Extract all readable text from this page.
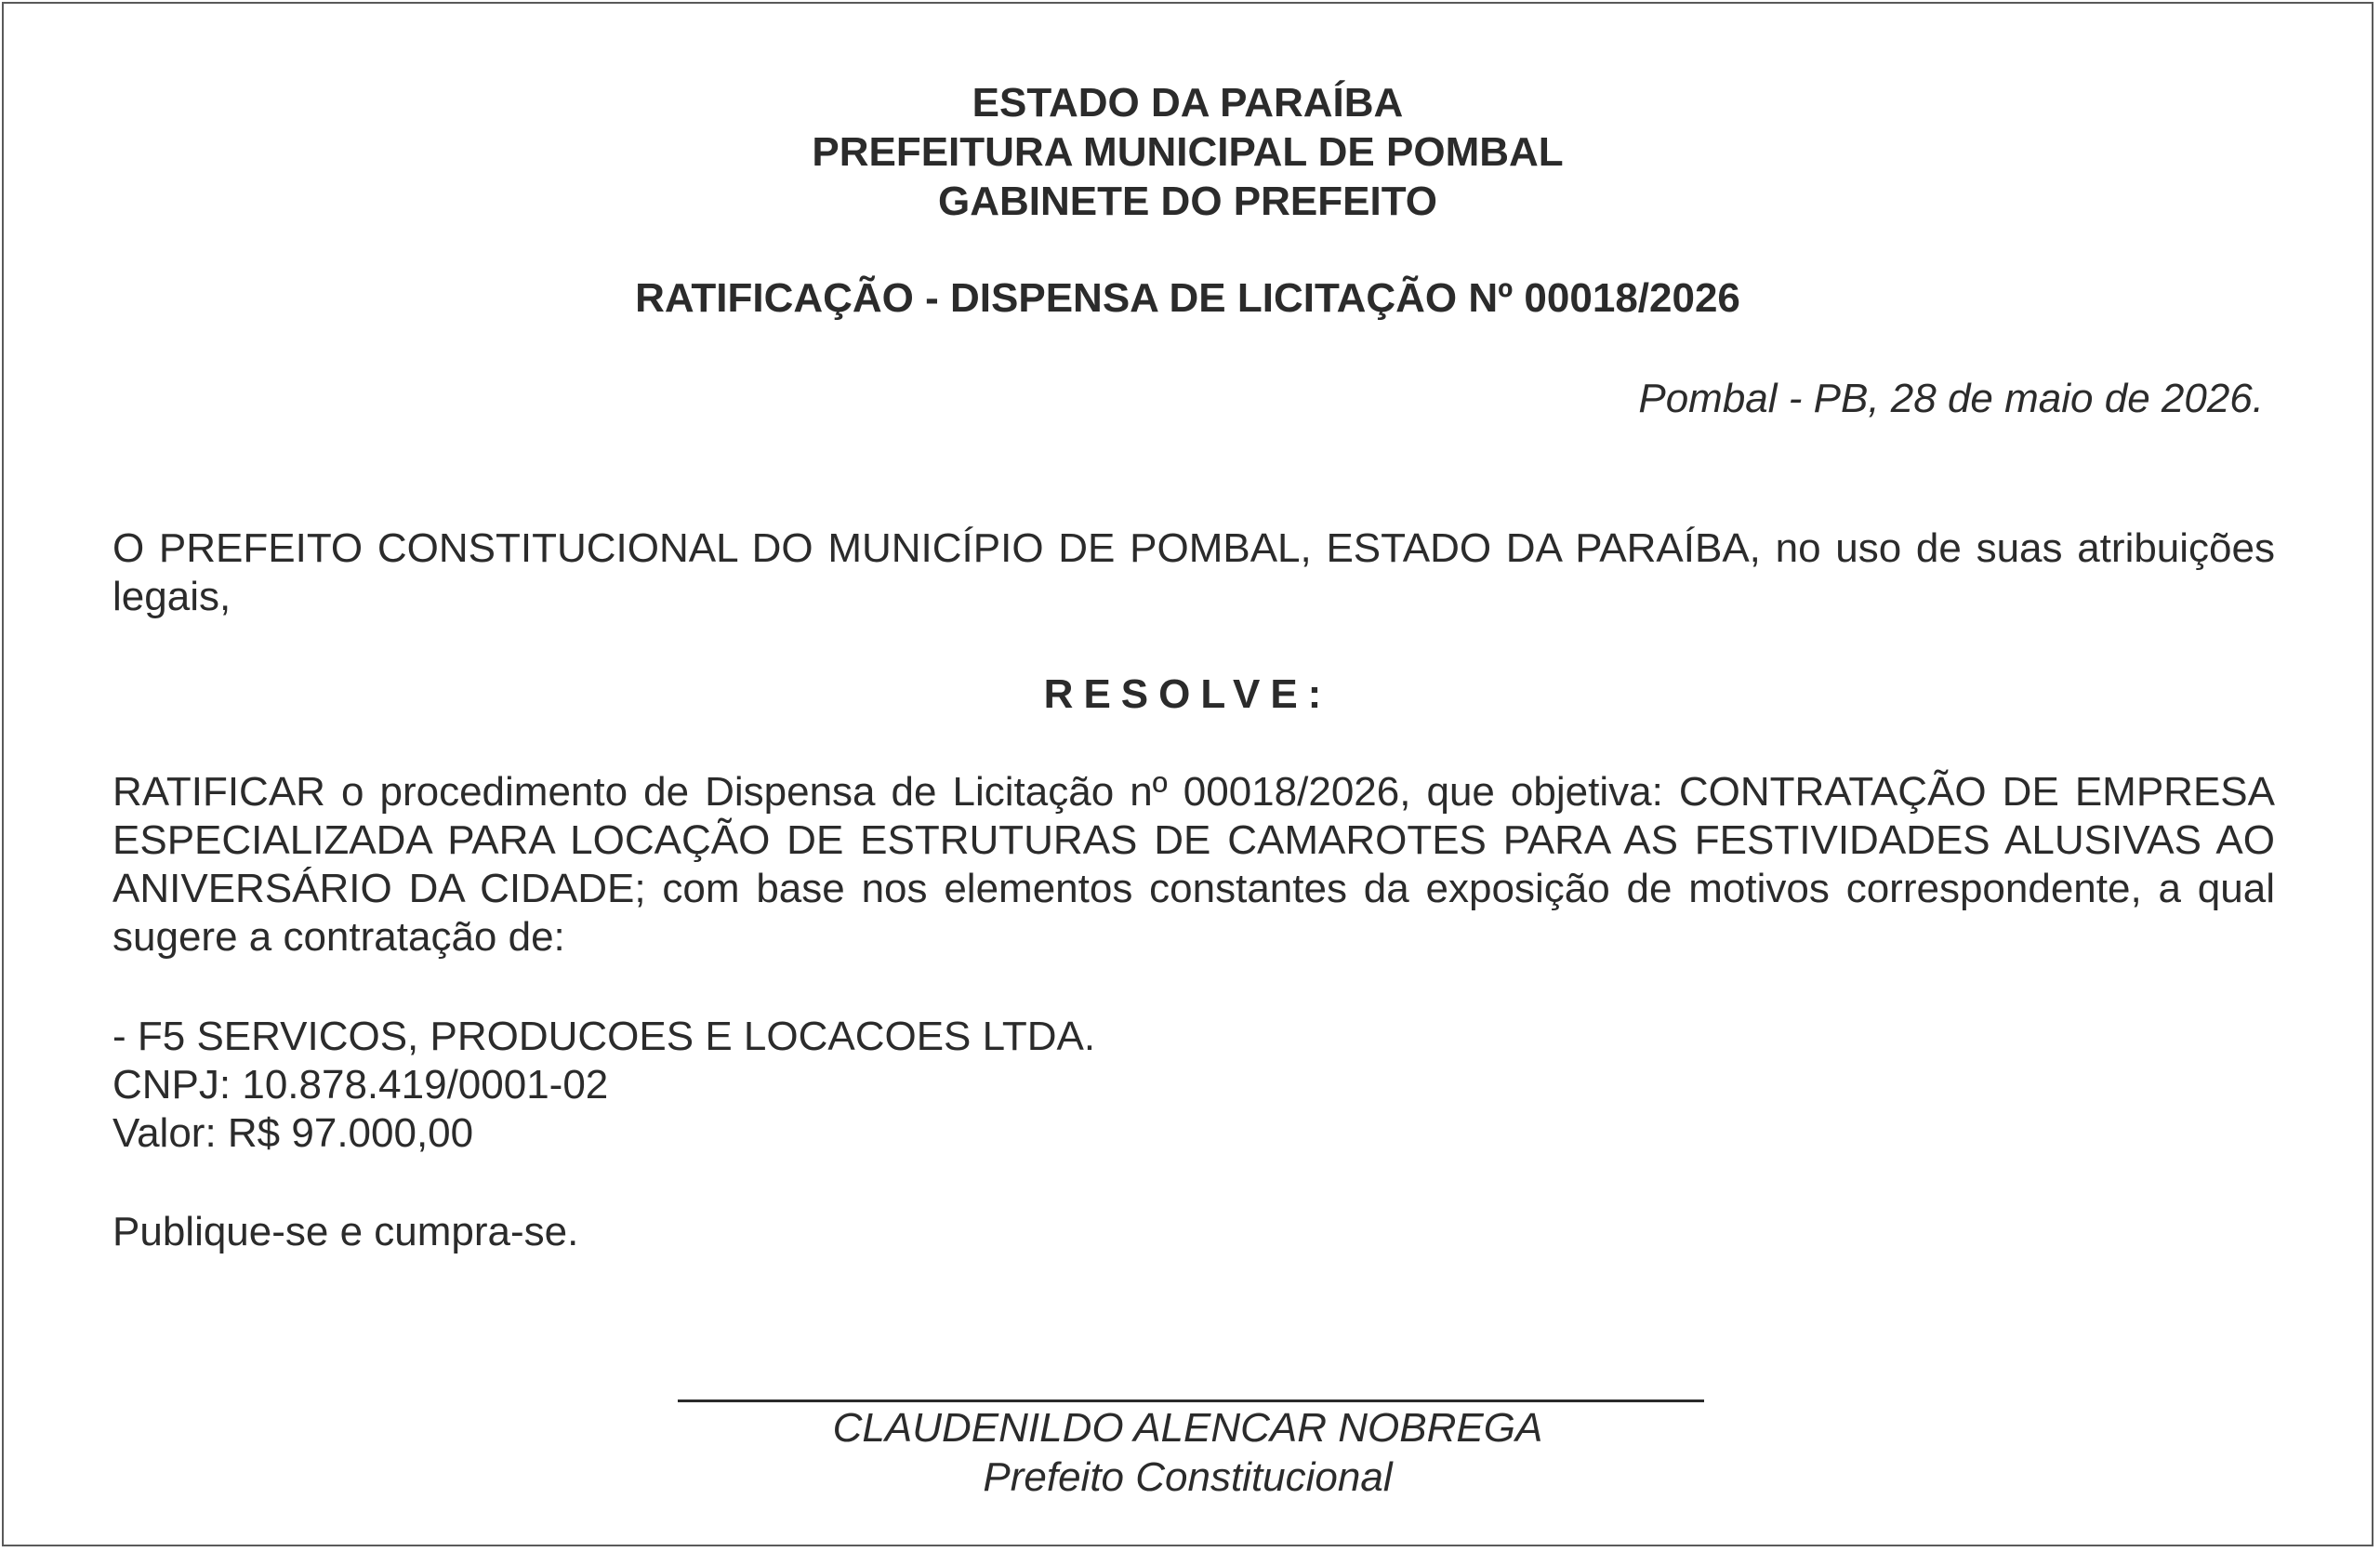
ESTADO DA PARAÍBA
PREFEITURA MUNICIPAL DE POMBAL
GABINETE DO PREFEITO
RATIFICAÇÃO - DISPENSA DE LICITAÇÃO Nº 00018/2026
Pombal - PB, 28 de maio de 2026.
O PREFEITO CONSTITUCIONAL DO MUNICÍPIO DE POMBAL, ESTADO DA PARAÍBA, no uso de suas atribuições legais,
RESOLVE:
RATIFICAR o procedimento de Dispensa de Licitação nº 00018/2026, que objetiva: CONTRATAÇÃO DE EMPRESA ESPECIALIZADA PARA LOCAÇÃO DE ESTRUTURAS DE CAMAROTES PARA AS FESTIVIDADES ALUSIVAS AO ANIVERSÁRIO DA CIDADE; com base nos elementos constantes da exposição de motivos correspondente, a qual sugere a contratação de:
- F5 SERVICOS, PRODUCOES E LOCACOES LTDA.
CNPJ: 10.878.419/0001-02
Valor: R$ 97.000,00
Publique-se e cumpra-se.
CLAUDENILDO ALENCAR NOBREGA
Prefeito Constitucional
